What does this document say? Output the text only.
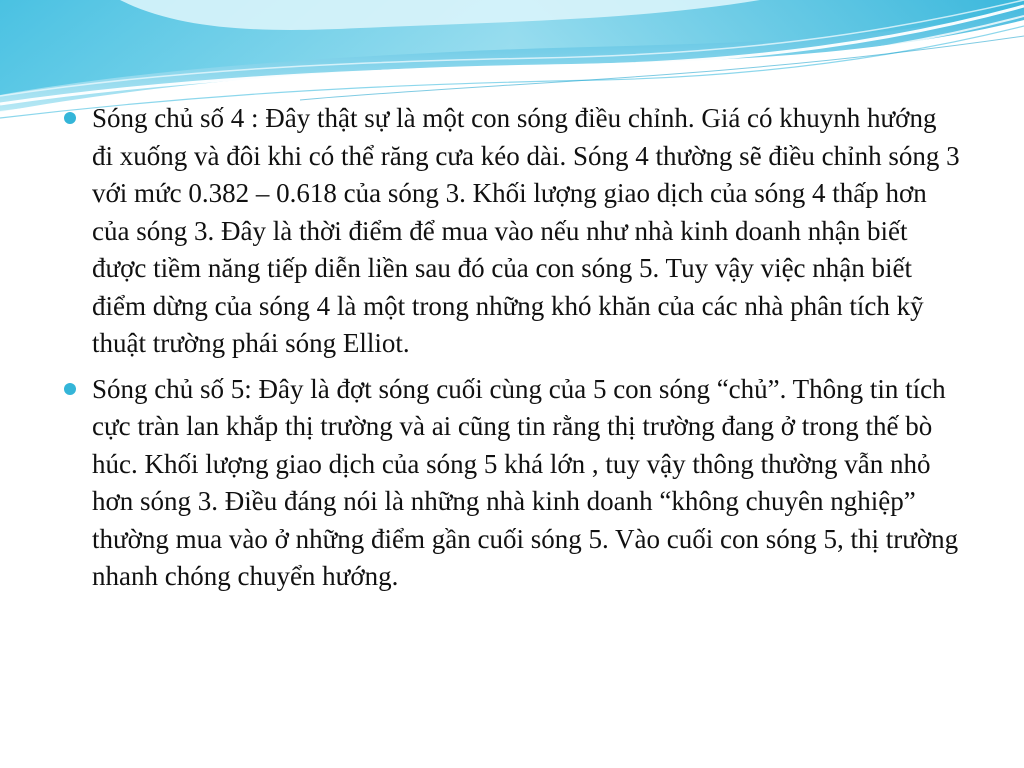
Sóng chủ số 4 : Đây thật sự là một con sóng điều chỉnh. Giá có khuynh hướng đi xuống và đôi khi có thể răng cưa kéo dài. Sóng 4 thường sẽ điều chỉnh sóng 3 với mức 0.382 – 0.618 của sóng 3. Khối lượng giao dịch của sóng 4 thấp hơn của sóng 3. Đây là thời điểm để mua vào nếu như nhà kinh doanh nhận biết được tiềm năng tiếp diễn liền sau đó của con sóng 5. Tuy vậy việc nhận biết điểm dừng của sóng 4 là một trong những khó khăn của các nhà phân tích kỹ thuật trường phái sóng Elliot.
Sóng chủ số 5: Đây là đợt sóng cuối cùng của 5 con sóng “chủ”. Thông tin tích cực tràn lan khắp thị trường và ai cũng tin rằng thị trường đang ở trong thế bò húc. Khối lượng giao dịch của sóng 5 khá lớn , tuy vậy thông thường vẫn nhỏ hơn sóng 3. Điều đáng nói là những nhà kinh doanh “không chuyên nghiệp” thường mua vào ở những điểm gần cuối sóng 5. Vào cuối con sóng 5, thị trường nhanh chóng chuyển hướng.
